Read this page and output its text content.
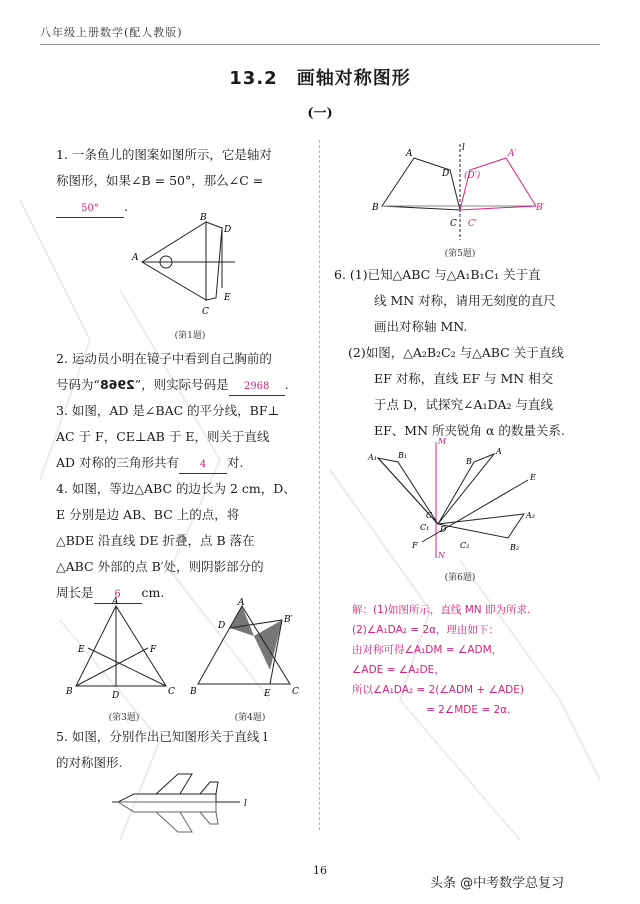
八年级上册数学(配人教版)
13.2　画轴对称图形
(一)
1. 一条鱼儿的图案如图所示，它是轴对
称图形，如果∠B = 50°，那么∠C =
50° .
A
B
C
D
E
(第1题)
2. 运动员小明在镜子中看到自己胸前的
号码为“2968”，则实际号码是 2968 .
3. 如图，AD 是∠BAC 的平分线，BF⊥
AC 于 F，CE⊥AB 于 E，则关于直线
AD 对称的三角形共有 4 对.
4. 如图，等边△ABC 的边长为 2 cm，D、
E 分别是边 AB、BC 上的点，将
△BDE 沿直线 DE 折叠，点 B 落在
△ABC 外部的点 B′处，则阴影部分的
周长是 6 cm.
A
B	C
D
E	F
(第3题)
A
B	C
D
E
B′
(第4题)
5. 如图，分别作出已知图形关于直线 l
的对称图形.
l
A
B
C
D
A′
B′
C′
(D′)
l
(第5题)
6. (1)已知△ABC 与△A₁B₁C₁ 关于直
线 MN 对称，请用无刻度的直尺
画出对称轴 MN.
(2)如图，△A₂B₂C₂ 与△ABC 关于直线
EF 对称，直线 EF 与 MN 相交
于点 D，试探究∠A₁DA₂ 与直线
EF、MN 所夹锐角 α 的数量关系.
M
N
E
F
D
A
B
C
A₁	B₁
C₁
A₂
B₂
C₂
(第6题)
解：(1)如图所示，直线 MN 即为所求.
(2)∠A₁DA₂ = 2α，理由如下：
由对称可得∠A₁DM = ∠ADM，
∠ADE = ∠A₂DE，
所以∠A₁DA₂ = 2(∠ADM + ∠ADE)
= 2∠MDE = 2α.
16
头条 @中考数学总复习
